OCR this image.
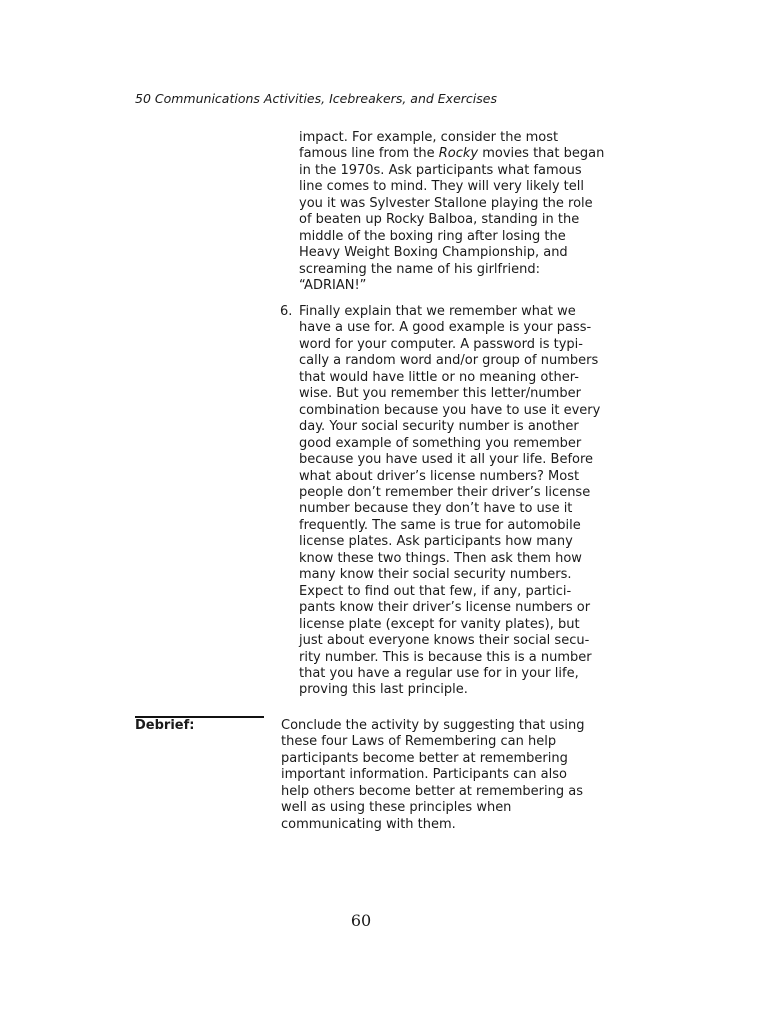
50 Communications Activities, Icebreakers, and Exercises
impact. For example, consider the most
famous line from the Rocky movies that began
in the 1970s. Ask participants what famous
line comes to mind. They will very likely tell
you it was Sylvester Stallone playing the role
of beaten up Rocky Balboa, standing in the
middle of the boxing ring after losing the
Heavy Weight Boxing Championship, and
screaming the name of his girlfriend:
“ADRIAN!”
6. Finally explain that we remember what we
have a use for. A good example is your pass-
word for your computer. A password is typi-
cally a random word and/or group of numbers
that would have little or no meaning other-
wise. But you remember this letter/number
combination because you have to use it every
day. Your social security number is another
good example of something you remember
because you have used it all your life. Before
what about driver’s license numbers? Most
people don’t remember their driver’s license
number because they don’t have to use it
frequently. The same is true for automobile
license plates. Ask participants how many
know these two things. Then ask them how
many know their social security numbers.
Expect to find out that few, if any, partici-
pants know their driver’s license numbers or
license plate (except for vanity plates), but
just about everyone knows their social secu-
rity number. This is because this is a number
that you have a regular use for in your life,
proving this last principle.
Debrief:	Conclude the activity by suggesting that using
these four Laws of Remembering can help
participants become better at remembering
important information. Participants can also
help others become better at remembering as
well as using these principles when
communicating with them.
60
